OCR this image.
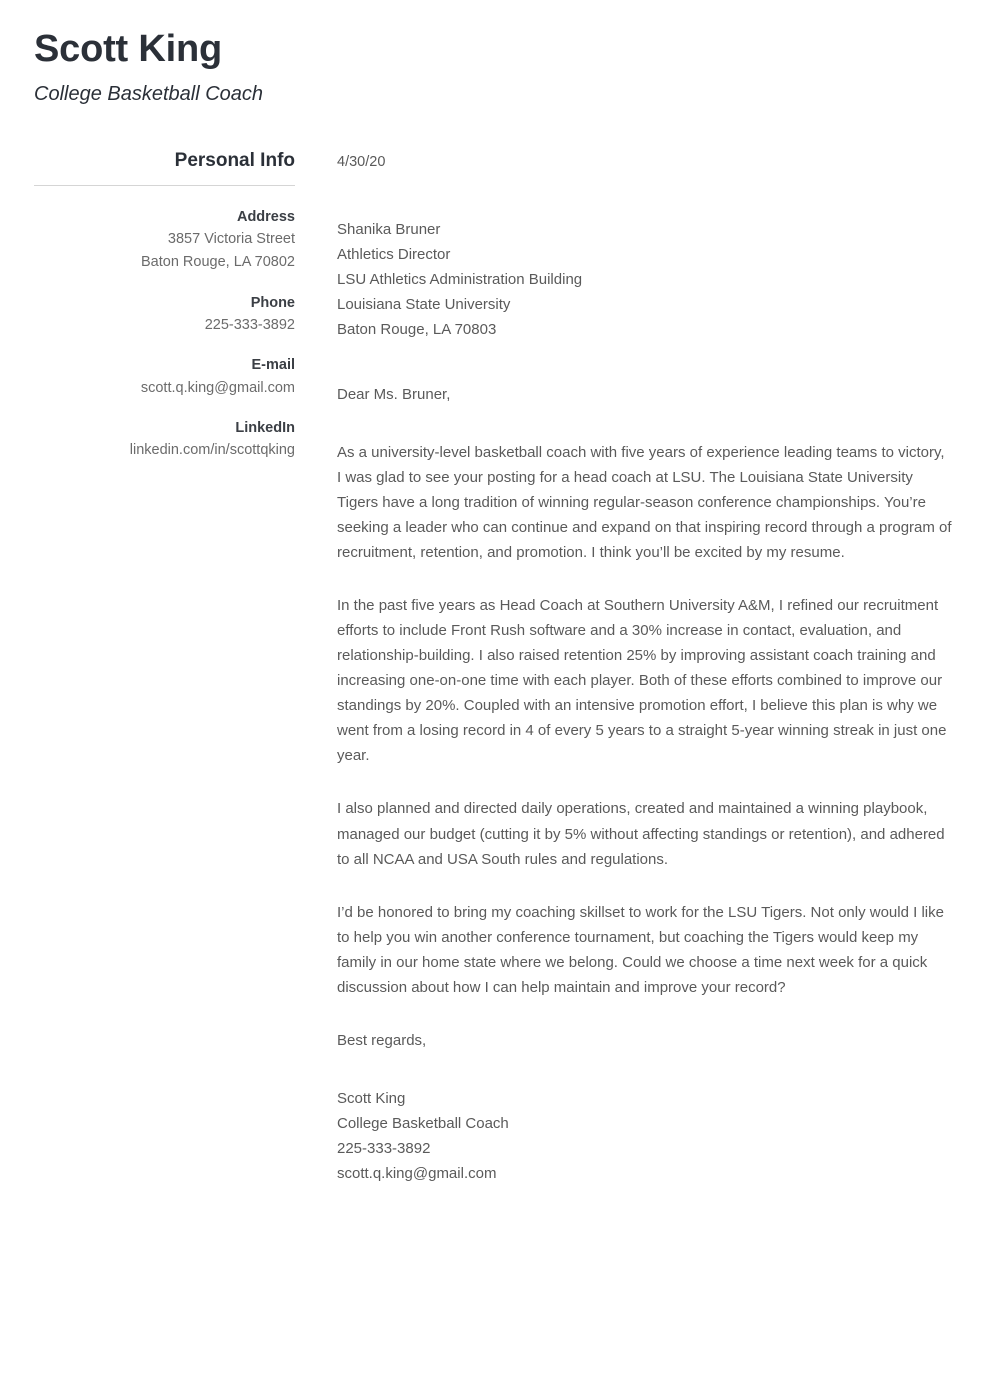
Scott King
College Basketball Coach
Personal Info
Address
3857 Victoria Street
Baton Rouge, LA 70802
Phone
225-333-3892
E-mail
scott.q.king@gmail.com
LinkedIn
linkedin.com/in/scottqking
4/30/20
Shanika Bruner
Athletics Director
LSU Athletics Administration Building
Louisiana State University
Baton Rouge, LA 70803

Dear Ms. Bruner,

As a university-level basketball coach with five years of experience leading teams to victory, I was glad to see your posting for a head coach at LSU. The Louisiana State University Tigers have a long tradition of winning regular-season conference championships. You’re seeking a leader who can continue and expand on that inspiring record through a program of recruitment, retention, and promotion. I think you’ll be excited by my resume.

In the past five years as Head Coach at Southern University A&M, I refined our recruitment efforts to include Front Rush software and a 30% increase in contact, evaluation, and relationship-building. I also raised retention 25% by improving assistant coach training and increasing one-on-one time with each player. Both of these efforts combined to improve our standings by 20%. Coupled with an intensive promotion effort, I believe this plan is why we went from a losing record in 4 of every 5 years to a straight 5-year winning streak in just one year.

I also planned and directed daily operations, created and maintained a winning playbook, managed our budget (cutting it by 5% without affecting standings or retention), and adhered to all NCAA and USA South rules and regulations.

I’d be honored to bring my coaching skillset to work for the LSU Tigers. Not only would I like to help you win another conference tournament, but coaching the Tigers would keep my family in our home state where we belong. Could we choose a time next week for a quick discussion about how I can help maintain and improve your record?

Best regards,

Scott King
College Basketball Coach
225-333-3892
scott.q.king@gmail.com
